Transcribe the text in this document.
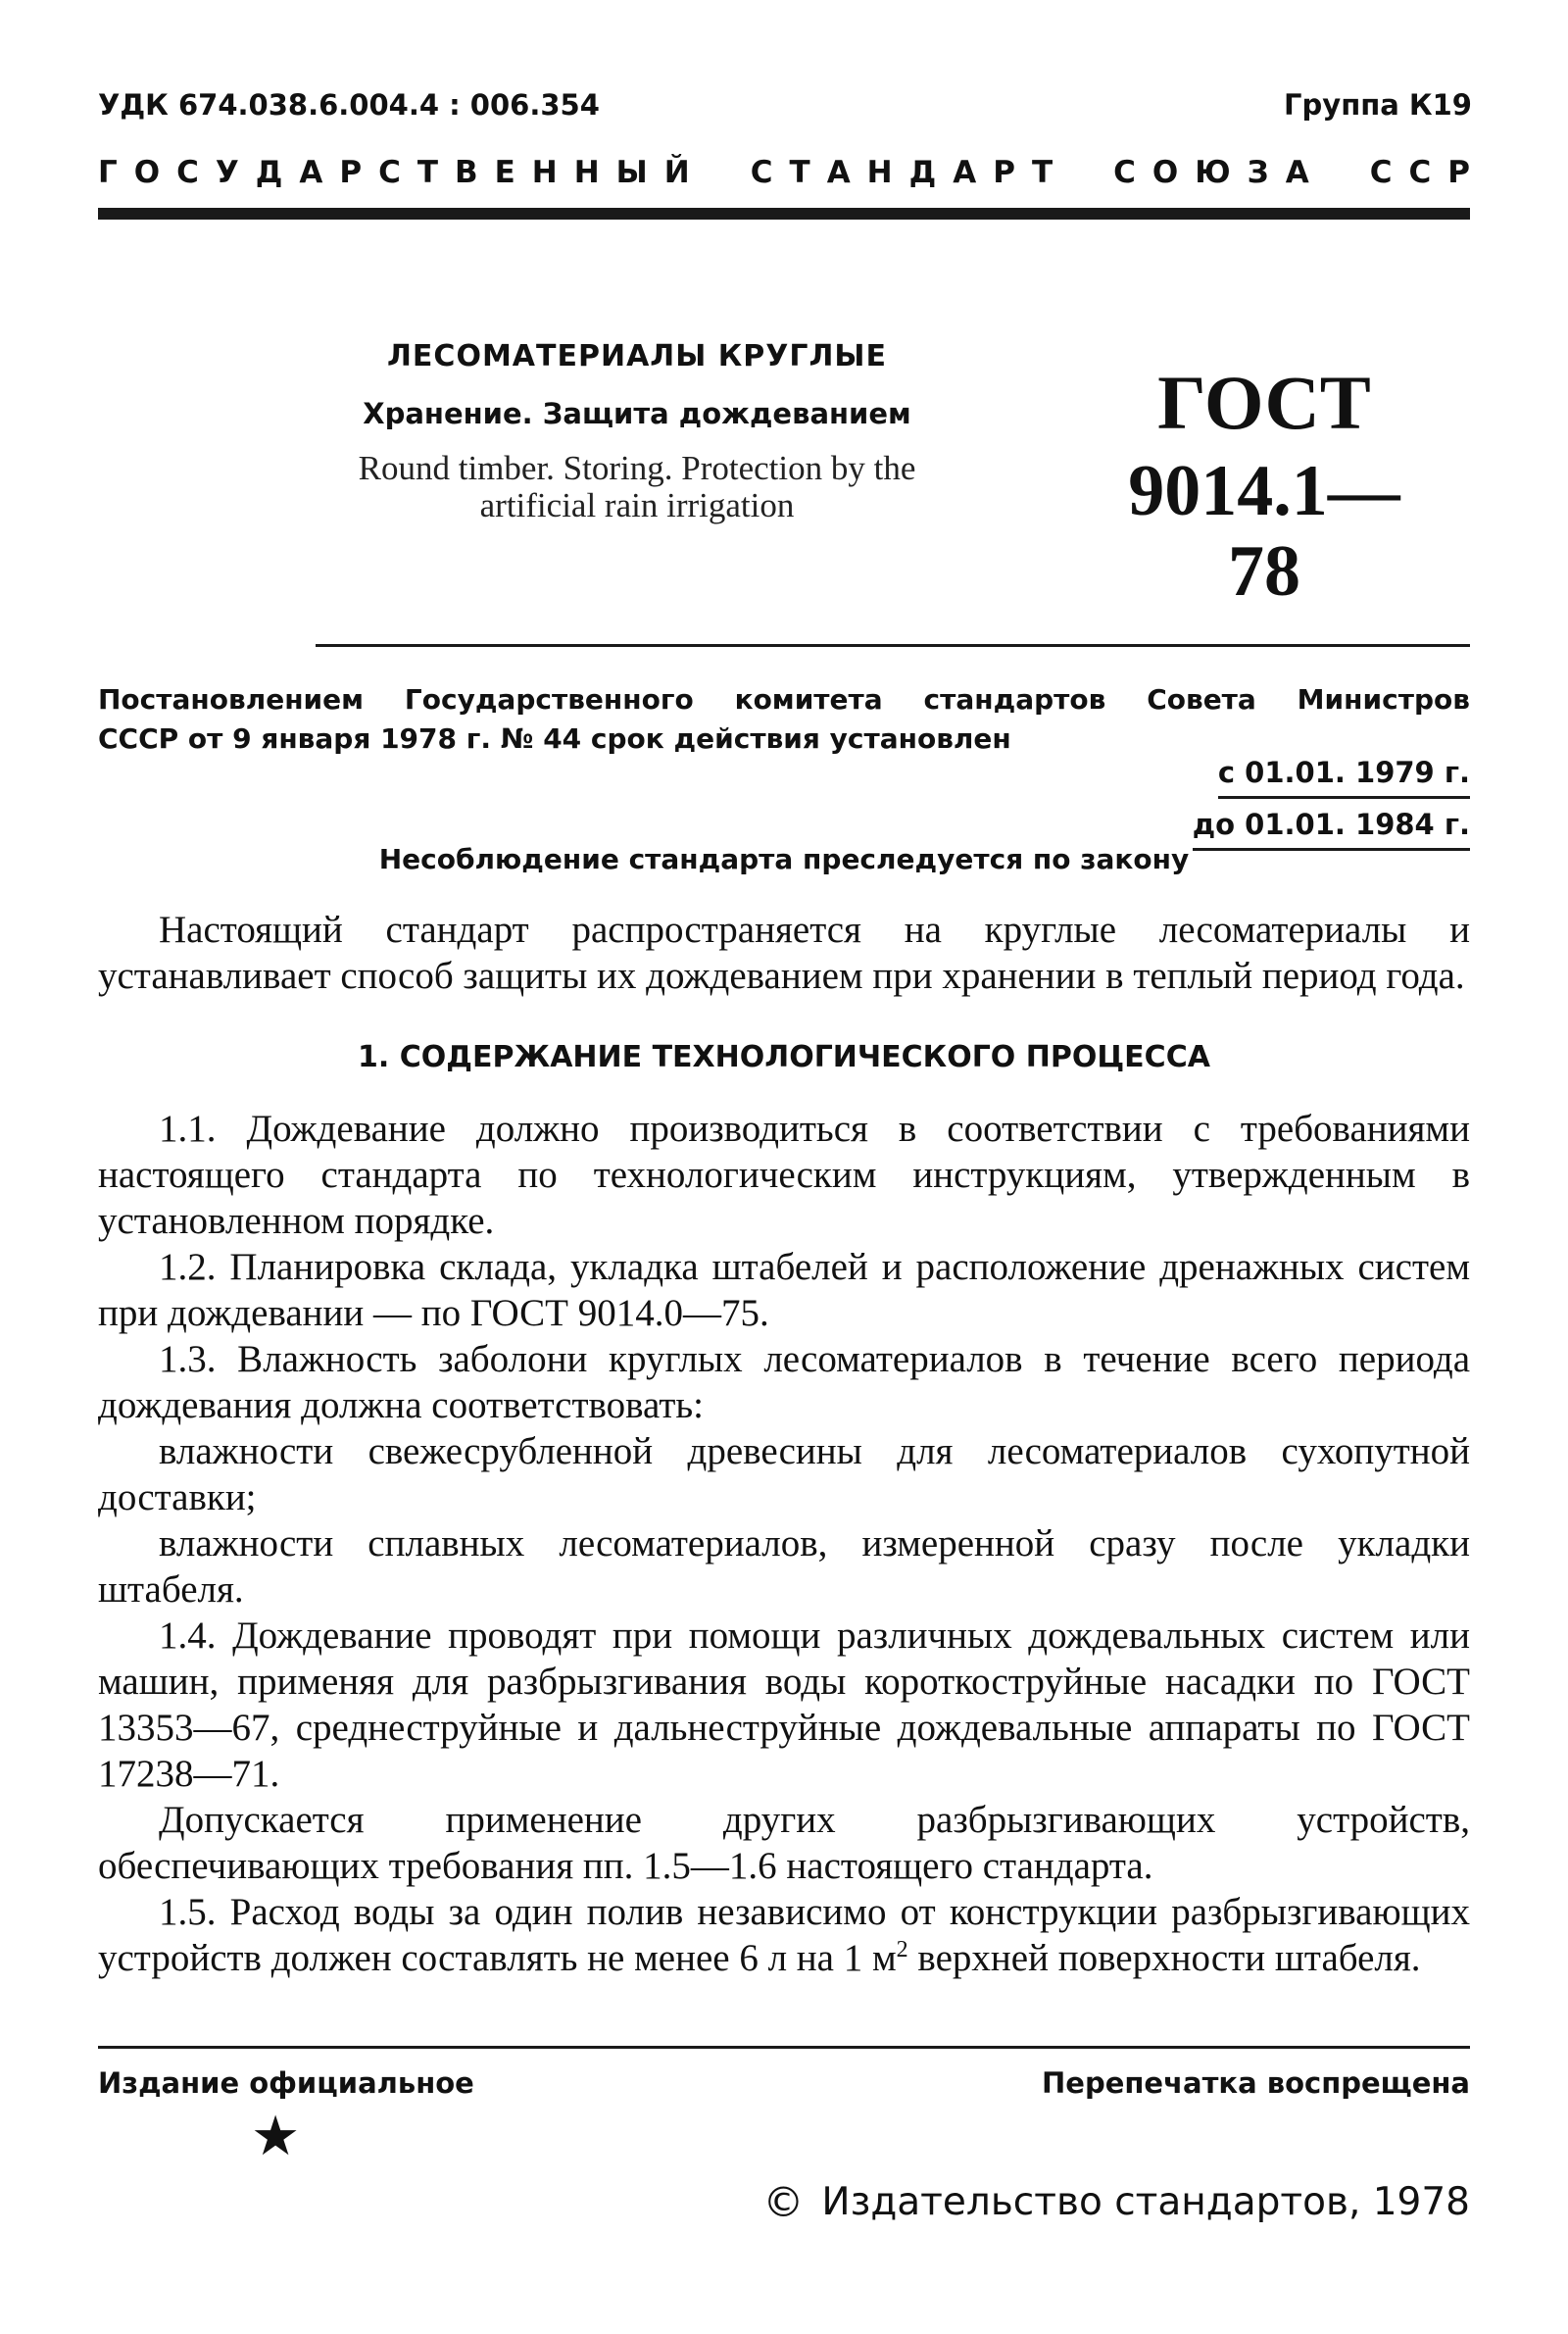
УДК 674.038.6.004.4 : 006.354	Группа К19
ГОСУДАРСТВЕННЫЙ СТАНДАРТ СОЮЗА ССР
ЛЕСОМАТЕРИАЛЫ КРУГЛЫЕ
Хранение. Защита дождеванием
Round timber. Storing. Protection by the
artificial rain irrigation
ГОСТ
9014.1—78
Постановлением Государственного комитета стандартов Совета Министров
СССР от 9 января 1978 г. № 44 срок действия установлен
с 01.01. 1979 г.
до 01.01. 1984 г.
Несоблюдение стандарта преследуется по закону

Настоящий стандарт распространяется на круглые лесоматериалы и устанавливает способ защиты их дождеванием при хранении в теплый период года.

1. СОДЕРЖАНИЕ ТЕХНОЛОГИЧЕСКОГО ПРОЦЕССА

1.1. Дождевание должно производиться в соответствии с требованиями настоящего стандарта по технологическим инструкциям, утвержденным в установленном порядке.

1.2. Планировка склада, укладка штабелей и расположение дренажных систем при дождевании — по ГОСТ 9014.0—75.

1.3. Влажность заболони круглых лесоматериалов в течение всего периода дождевания должна соответствовать:

влажности свежесрубленной древесины для лесоматериалов сухопутной доставки;

влажности сплавных лесоматериалов, измеренной сразу после укладки штабеля.

1.4. Дождевание проводят при помощи различных дождевальных систем или машин, применяя для разбрызгивания воды короткоструйные насадки по ГОСТ 13353—67, среднеструйные и дальнеструйные дождевальные аппараты по ГОСТ 17238—71.

Допускается применение других разбрызгивающих устройств, обеспечивающих требования пп. 1.5—1.6 настоящего стандарта.

1.5. Расход воды за один полив независимо от конструкции разбрызгивающих устройств должен составлять не менее 6 л на 1 $м^2$ верхней поверхности штабеля.

Издание официальное	Перепечатка воспрещена
★
© Издательство стандартов, 1978
